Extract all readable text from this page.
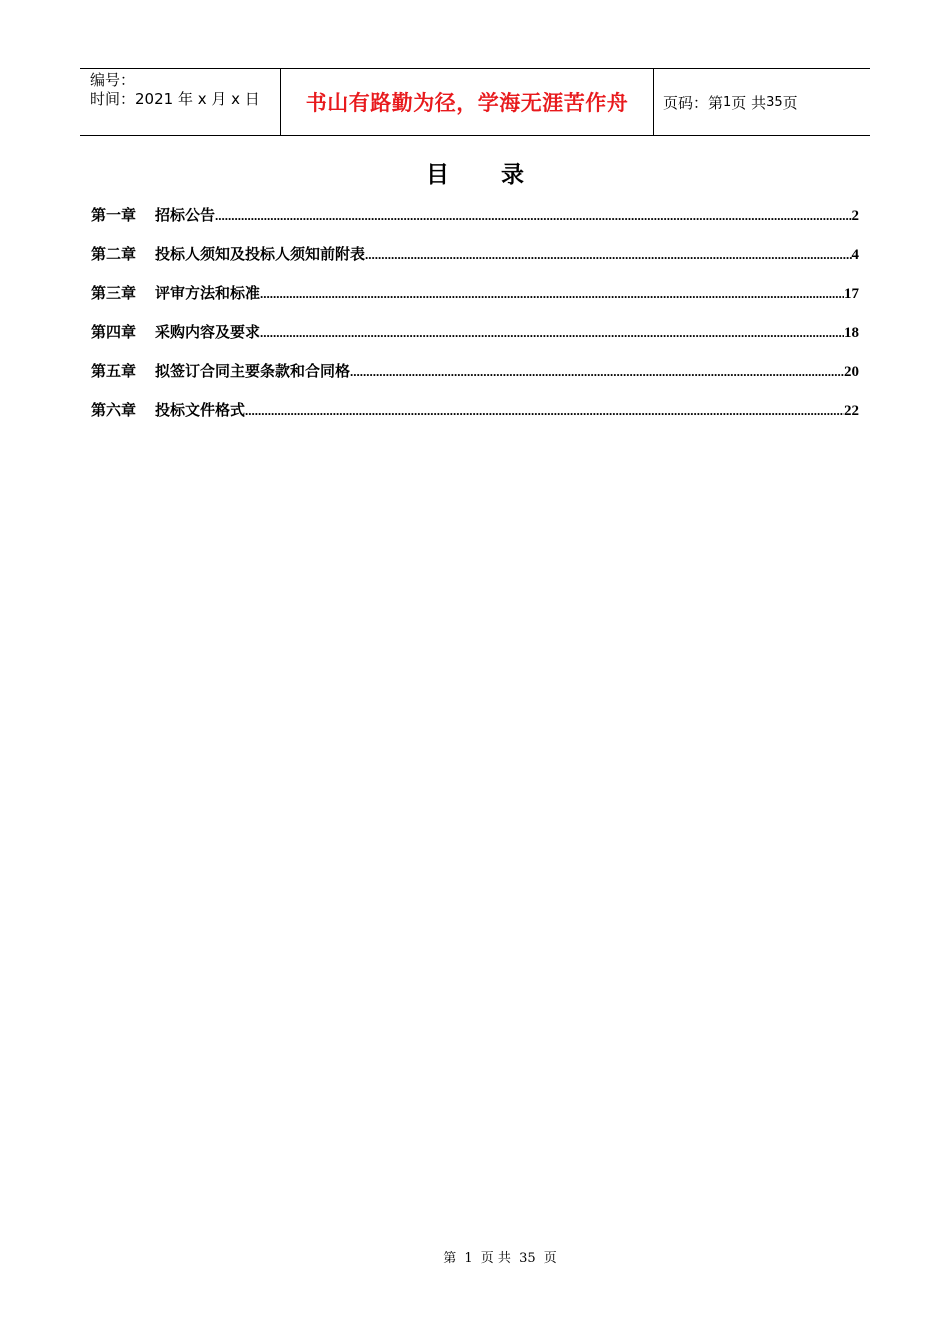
编号：
时间：2021 年 x 月 x 日	书山有路勤为径，学海无涯苦作舟 页码：第 1 页 共 35 页
目 录
第一章	招标公告 .....	2
第二章	投标人须知及投标人须知前附表 .....	4
第三章	评审方法和标准 .....	17
第四章	采购内容及要求 .....	18
第五章	拟签订合同主要条款和合同格 .....	20
第六章	投标文件格式 .....	22
第 1 页 共 35 页
